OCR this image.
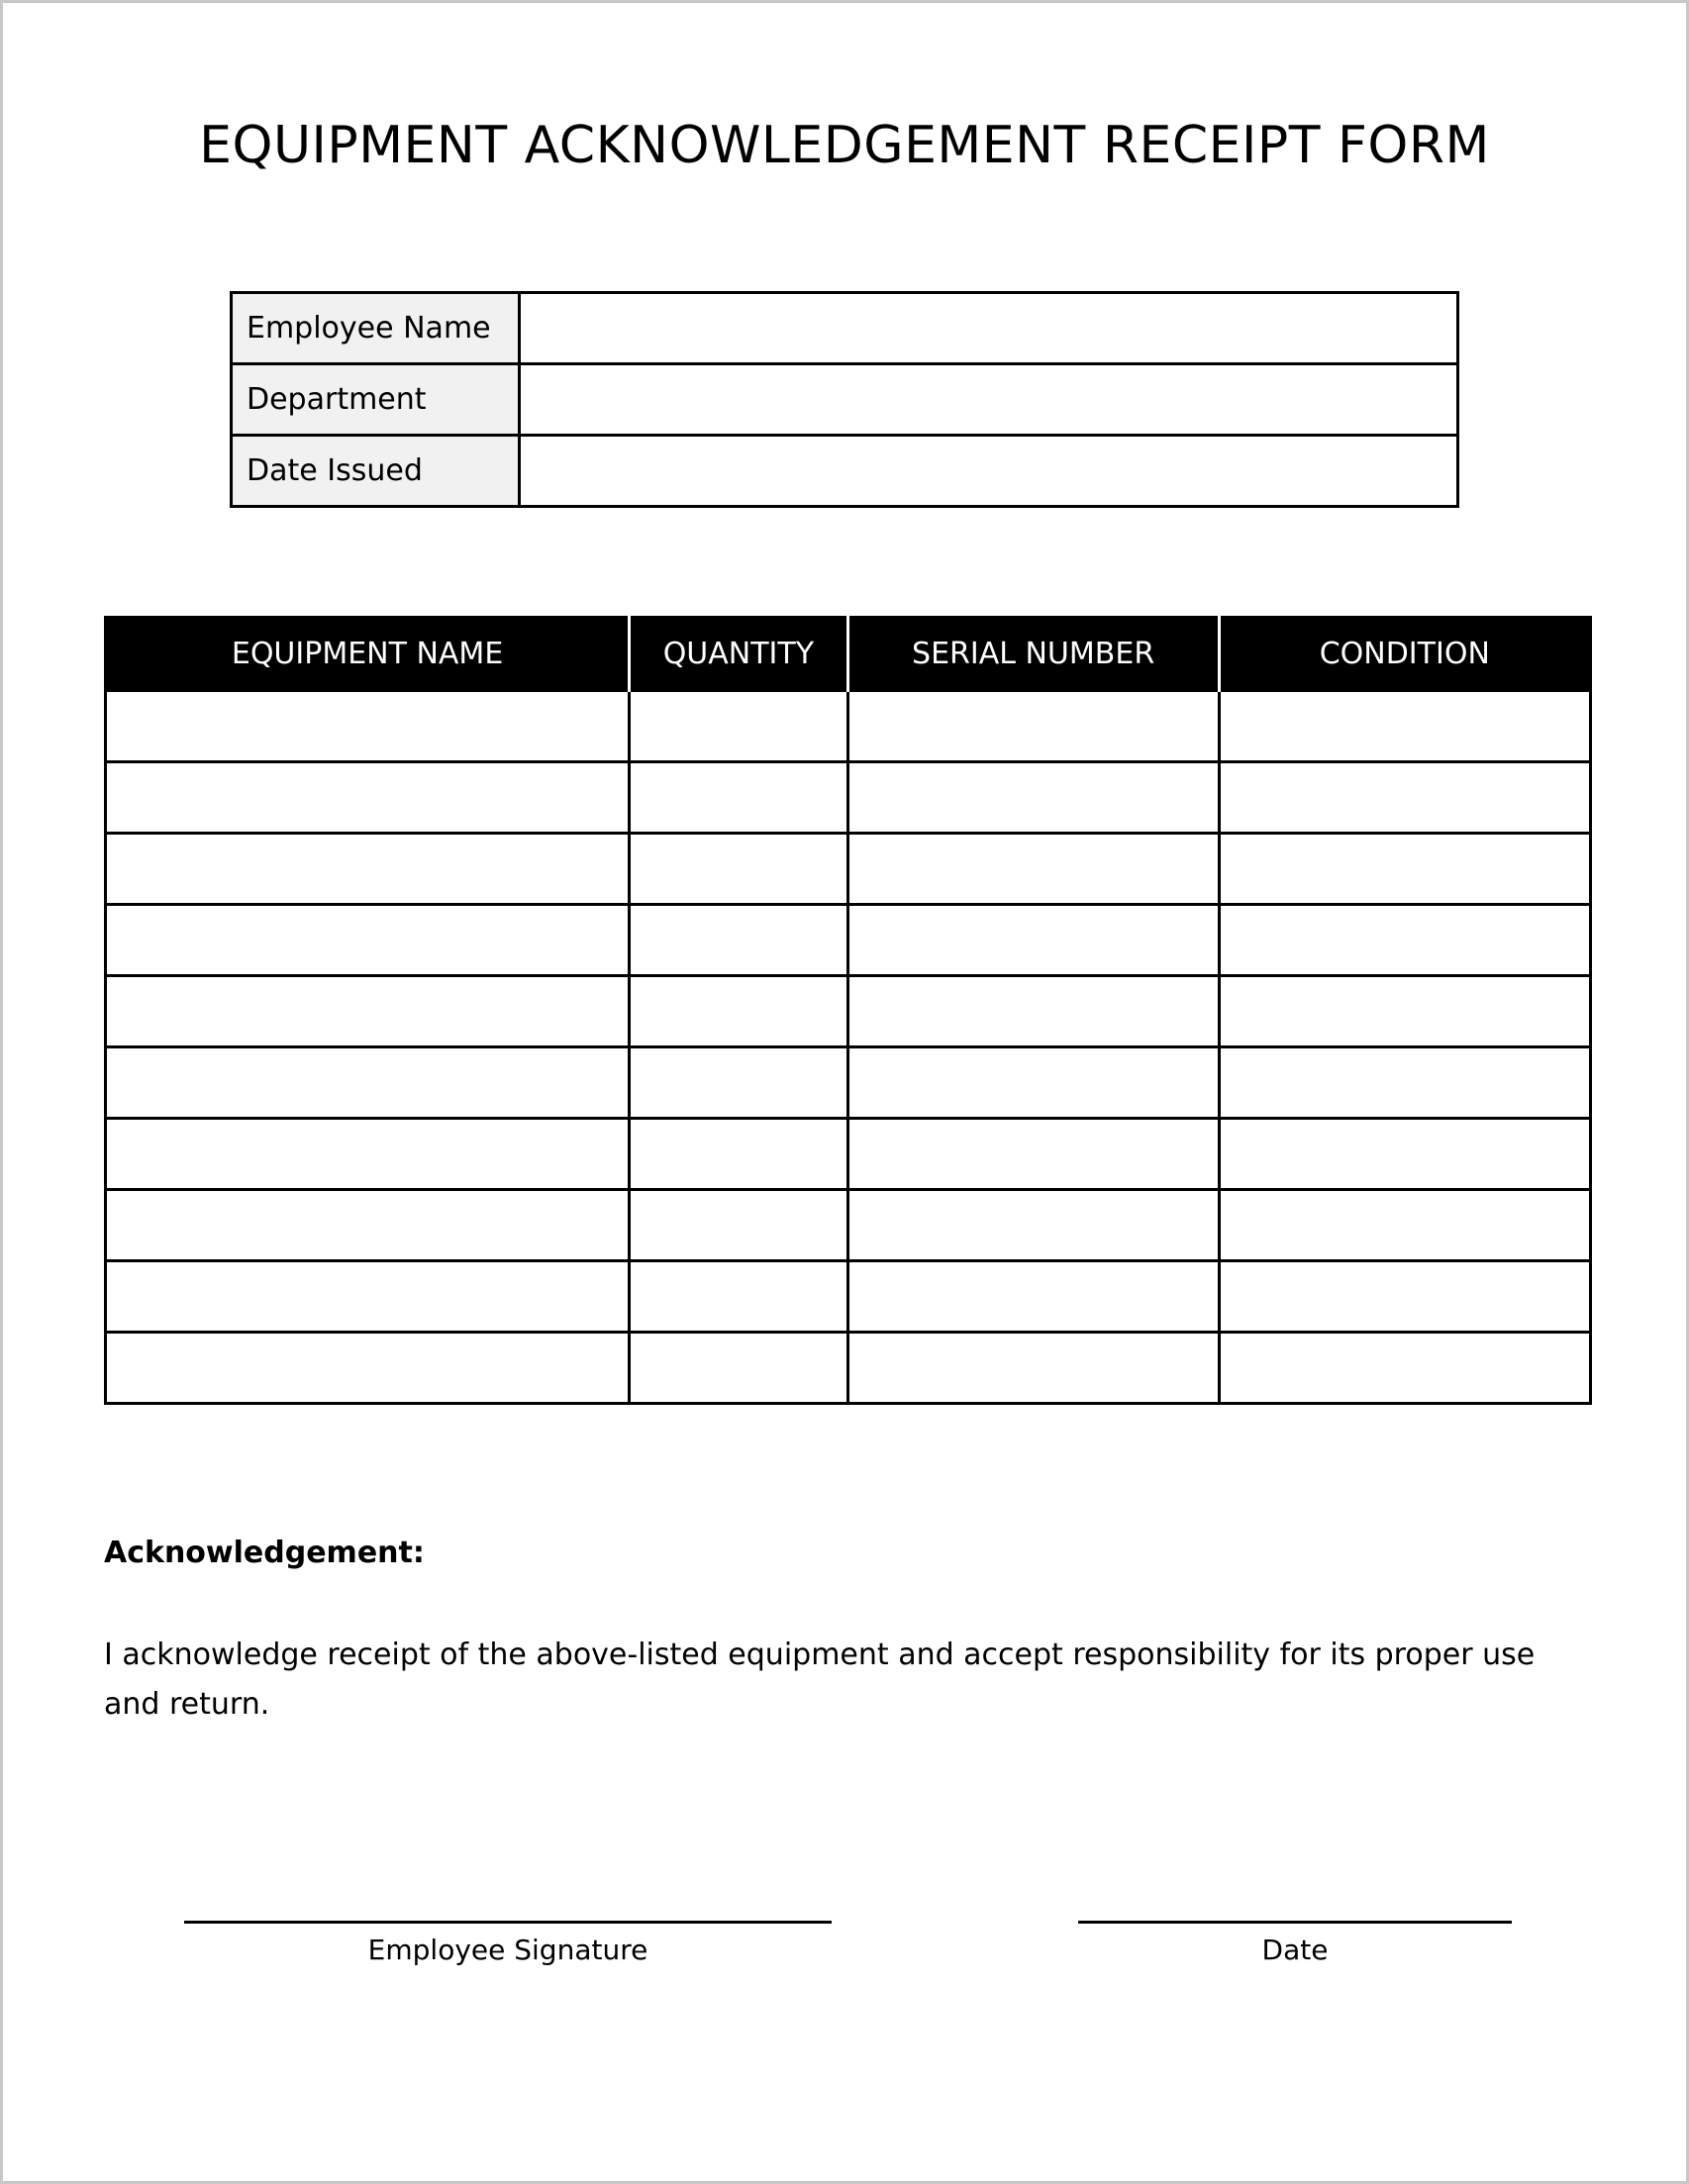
EQUIPMENT ACKNOWLEDGEMENT RECEIPT FORM
Employee Name	
Department	
Date Issued	
EQUIPMENT NAME	QUANTITY	SERIAL NUMBER	CONDITION

Acknowledgement:

I acknowledge receipt of the above-listed equipment and accept responsibility for its proper use and return.

Employee Signature	Date
